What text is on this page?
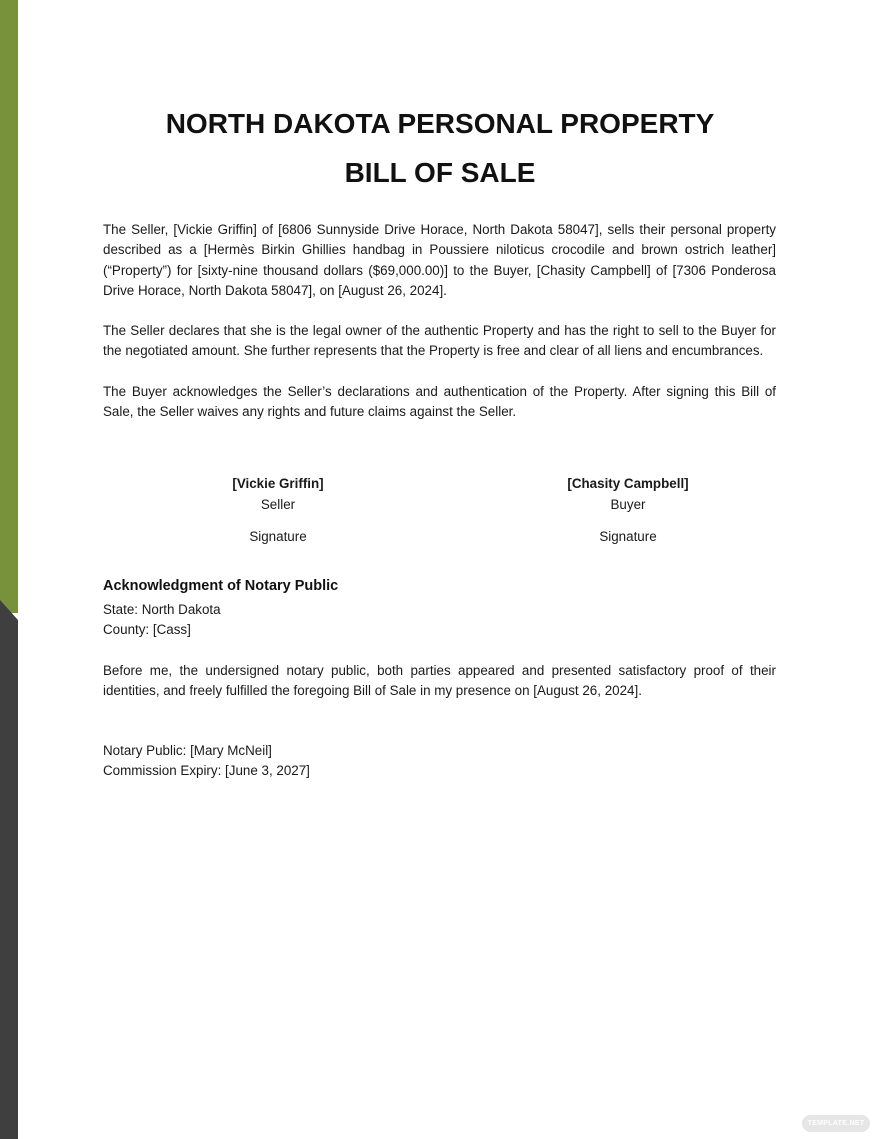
NORTH DAKOTA PERSONAL PROPERTY
BILL OF SALE
The Seller, [Vickie Griffin] of [6806 Sunnyside Drive Horace, North Dakota 58047], sells their personal property described as a [Hermès Birkin Ghillies handbag in Poussiere niloticus crocodile and brown ostrich leather] (“Property”) for [sixty-nine thousand dollars ($69,000.00)] to the Buyer, [Chasity Campbell] of [7306 Ponderosa Drive Horace, North Dakota 58047], on [August 26, 2024].
The Seller declares that she is the legal owner of the authentic Property and has the right to sell to the Buyer for the negotiated amount. She further represents that the Property is free and clear of all liens and encumbrances.
The Buyer acknowledges the Seller’s declarations and authentication of the Property. After signing this Bill of Sale, the Seller waives any rights and future claims against the Seller.
[Vickie Griffin]
Seller
Signature
[Chasity Campbell]
Buyer
Signature
Acknowledgment of Notary Public
State: North Dakota
County: [Cass]
Before me, the undersigned notary public, both parties appeared and presented satisfactory proof of their identities, and freely fulfilled the foregoing Bill of Sale in my presence on [August 26, 2024].
Notary Public: [Mary McNeil]
Commission Expiry: [June 3, 2027]
TEMPLATE.NET
